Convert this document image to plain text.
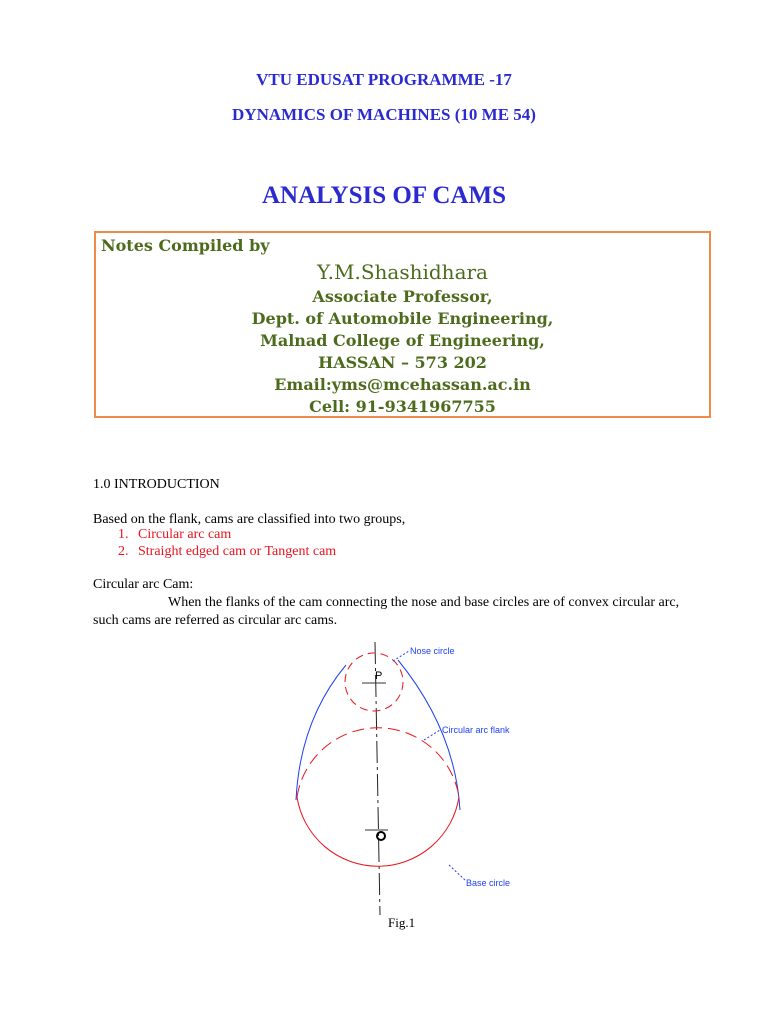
VTU EDUSAT PROGRAMME -17
DYNAMICS OF MACHINES (10 ME 54)
ANALYSIS OF CAMS
Notes Compiled by
Y.M.Shashidhara
Associate Professor,
Dept. of Automobile Engineering,
Malnad College of Engineering,
HASSAN – 573 202
Email:yms@mcehassan.ac.in
Cell: 91-9341967755
1.0 INTRODUCTION
Based on the flank, cams are classified into two groups,
1. Circular arc cam
2. Straight edged cam or Tangent cam
Circular arc Cam:
When the flanks of the cam connecting the nose and base circles are of convex circular arc,
such cams are referred as circular arc cams.
P
Nose circle
Circular arc flank
Base circle
Fig.1
